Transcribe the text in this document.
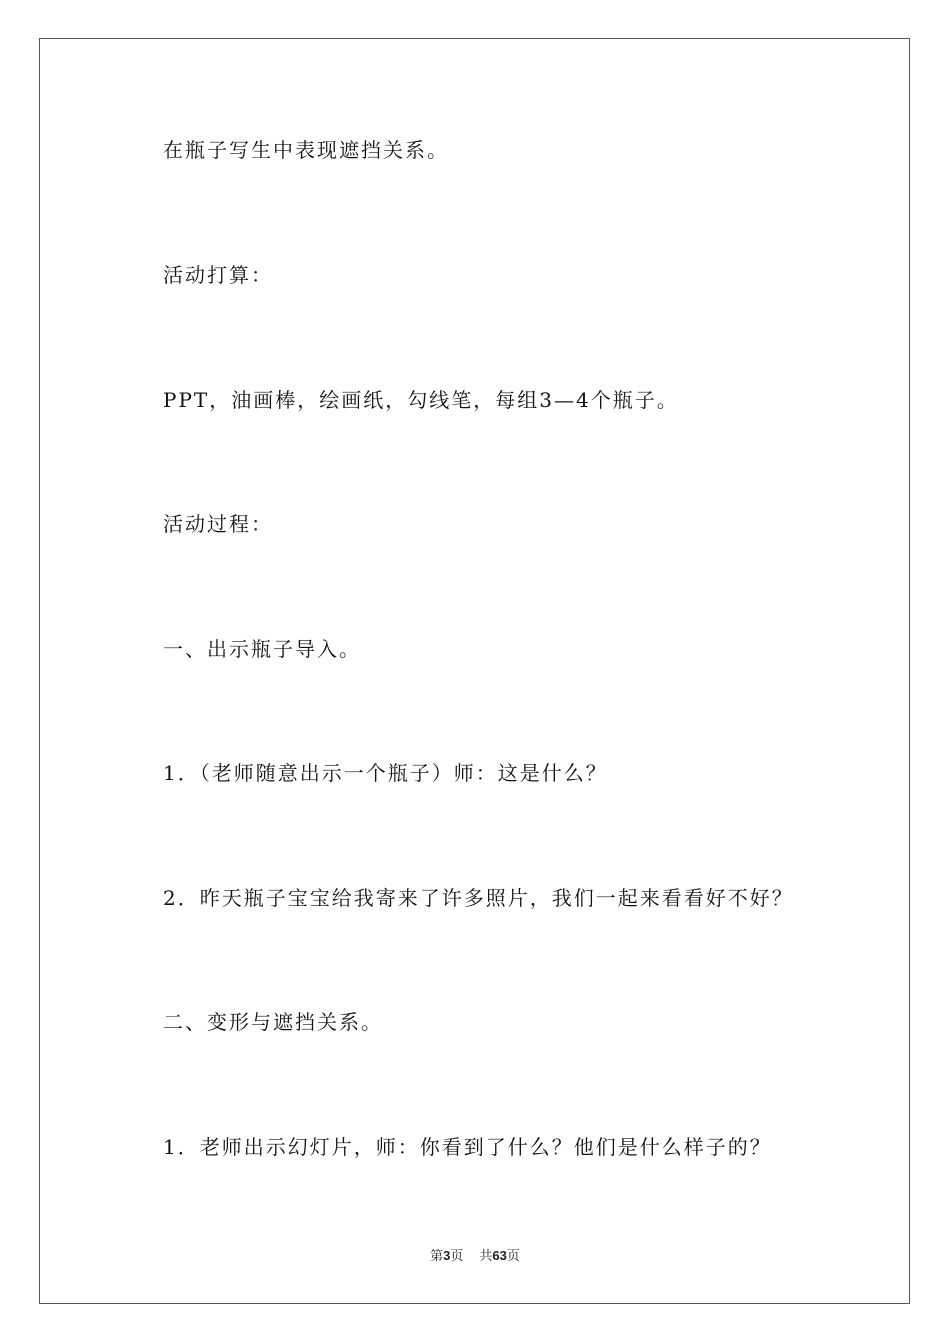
在瓶子写生中表现遮挡关系。

活动打算：

PPT，油画棒，绘画纸，勾线笔，每组3—4个瓶子。

活动过程：

一、出示瓶子导入。

1．（老师随意出示一个瓶子）师：这是什么？

2．昨天瓶子宝宝给我寄来了许多照片，我们一起来看看好不好？

二、变形与遮挡关系。

1．老师出示幻灯片，师：你看到了什么？他们是什么样子的？

第3页 共63页
